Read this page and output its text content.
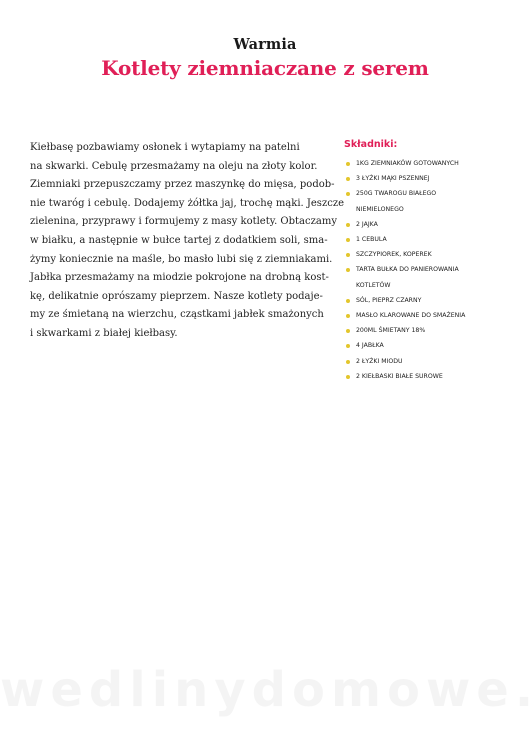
Warmia
Kotlety ziemniaczane z serem

Kiełbasę pozbawiamy osłonek i wytapiamy na patelni
na skwarki. Cebulę przesmażamy na oleju na złoty kolor.
Ziemniaki przepuszczamy przez maszynkę do mięsa, podob-
nie twaróg i cebulę. Dodajemy żółtka jaj, trochę mąki. Jeszcze
zielenina, przyprawy i formujemy z masy kotlety. Obtaczamy
w białku, a następnie w bułce tartej z dodatkiem soli, sma-
żymy koniecznie na maśle, bo masło lubi się z ziemniakami.
Jabłka przesmażamy na miodzie pokrojone na drobną kost-
kę, delikatnie oprószamy pieprzem. Nasze kotlety podaje-
my ze śmietaną na wierzchu, cząstkami jabłek smażonych
i skwarkami z białej kiełbasy.

Składniki:
1KG ZIEMNIAKÓW GOTOWANYCH
3 ŁYŻKI MĄKI PSZENNEJ
250G TWAROGU BIAŁEGO
NIEMIELONEGO
2 JAJKA
1 CEBULA
SZCZYPIOREK, KOPEREK
TARTA BUŁKA DO PANIEROWANIA
KOTLETÓW
SÓL, PIEPRZ CZARNY
MASŁO KLAROWANE DO SMAŻENIA
200ML ŚMIETANY 18%
4 JABŁKA
2 ŁYŻKI MIODU
2 KIEŁBASKI BIAŁE SUROWE
